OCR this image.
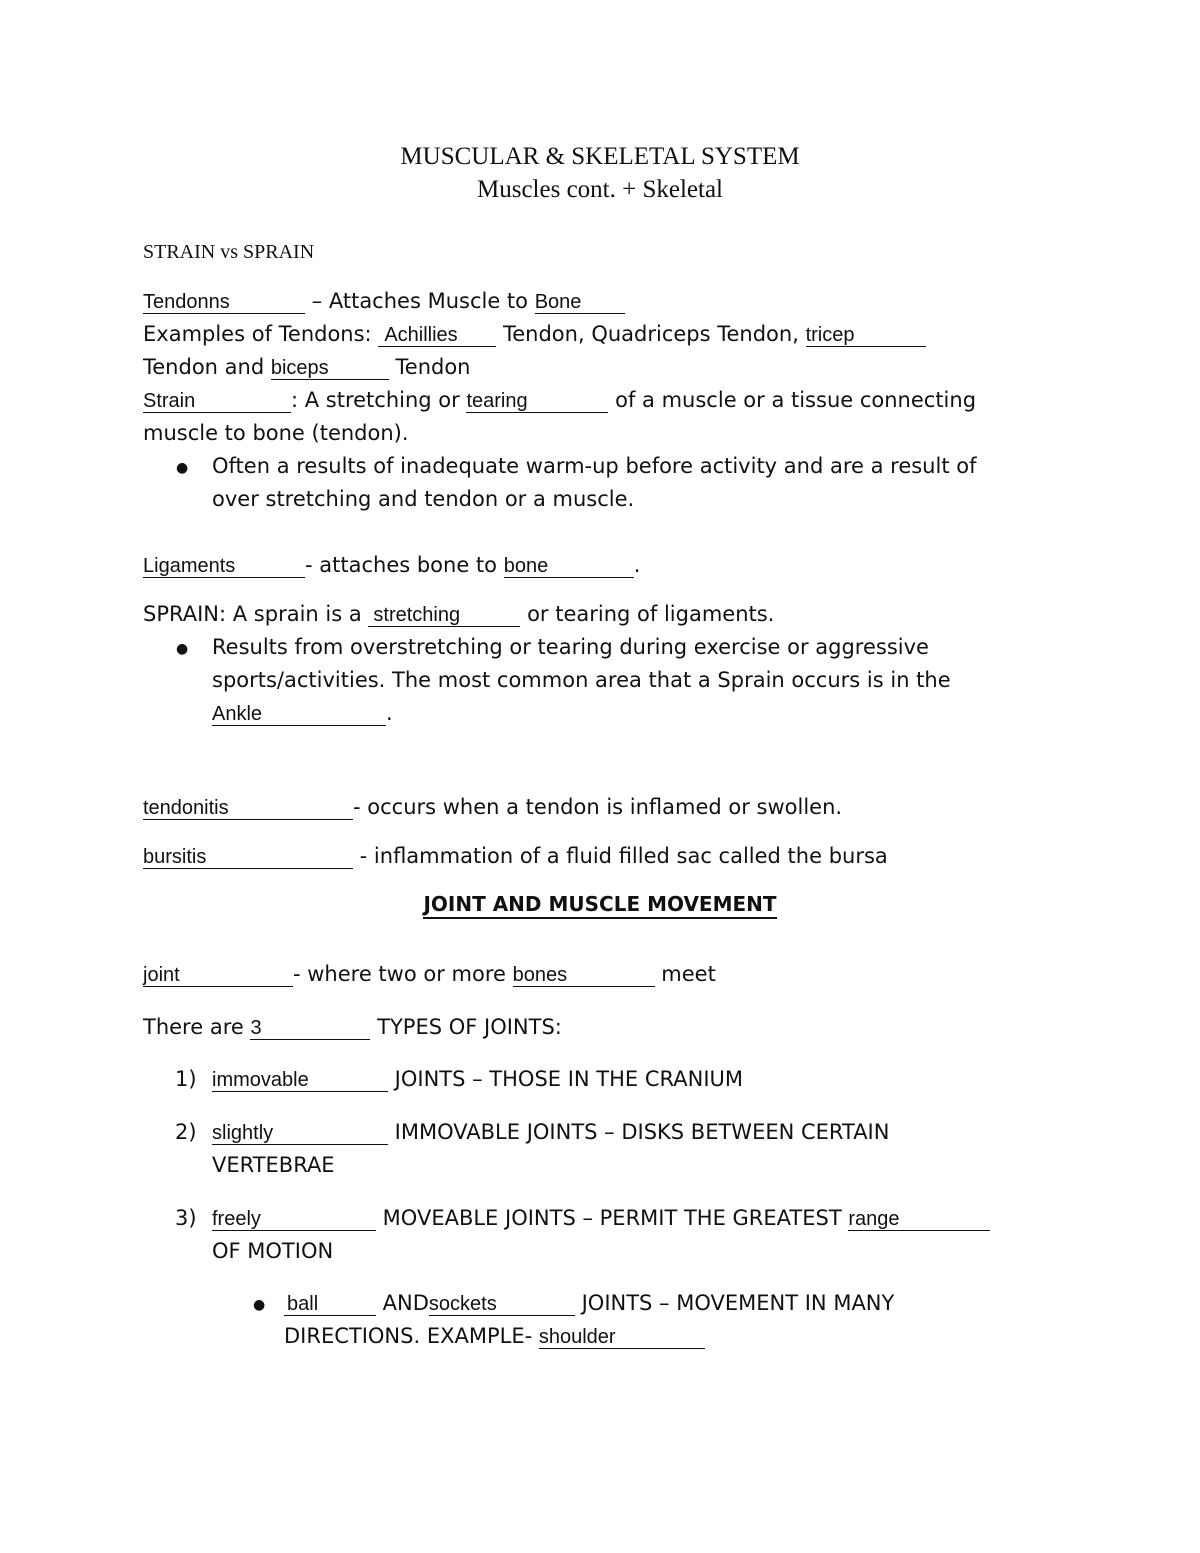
MUSCULAR & SKELETAL SYSTEM
Muscles cont. + Skeletal
STRAIN vs SPRAIN
Tendonns	– Attaches Muscle to Bone
Examples of Tendons: Achillies Tendon, Quadriceps Tendon, tricep
Tendon and biceps	Tendon
Strain	: A stretching or tearing	of a muscle or a tissue connecting
muscle to bone (tendon).
● Often a results of inadequate warm-up before activity and are a result of
over stretching and tendon or a muscle.
Ligaments	- attaches bone to bone	.
SPRAIN: A sprain is a stretching	or tearing of ligaments.
● Results from overstretching or tearing during exercise or aggressive
sports/activities. The most common area that a Sprain occurs is in the
Ankle	.
tendonitis	- occurs when a tendon is inflamed or swollen.
bursitis	- inflammation of a fluid filled sac called the bursa
JOINT AND MUSCLE MOVEMENT
joint	- where two or more bones	meet
There are 3	TYPES OF JOINTS:
1) immovable	JOINTS – THOSE IN THE CRANIUM
2) slightly	IMMOVABLE JOINTS – DISKS BETWEEN CERTAIN
VERTEBRAE
3) freely	MOVEABLE JOINTS – PERMIT THE GREATEST range
OF MOTION
● ball	ANDsockets	JOINTS – MOVEMENT IN MANY
DIRECTIONS. EXAMPLE- shoulder
